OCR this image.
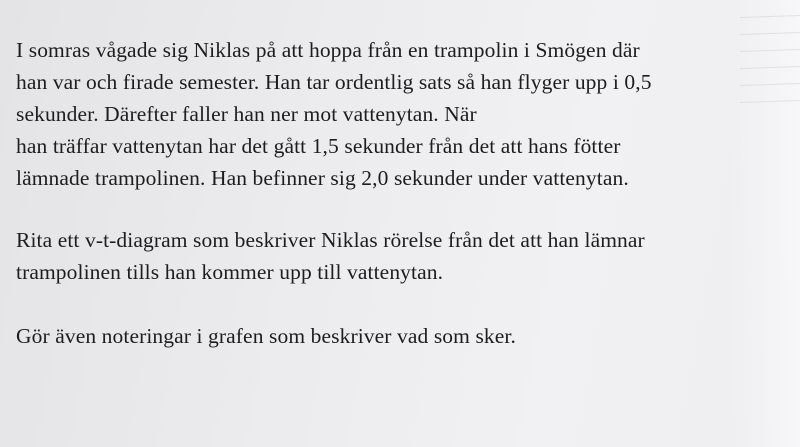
I somras vågade sig Niklas på att hoppa från en trampolin i Smögen där
han var och firade semester. Han tar ordentlig sats så han flyger upp i 0,5
sekunder. Därefter faller han ner mot vattenytan. När
han träffar vattenytan har det gått 1,5 sekunder från det att hans fötter
lämnade trampolinen. Han befinner sig 2,0 sekunder under vattenytan.
Rita ett v-t-diagram som beskriver Niklas rörelse från det att han lämnar
trampolinen tills han kommer upp till vattenytan.
Gör även noteringar i grafen som beskriver vad som sker.
